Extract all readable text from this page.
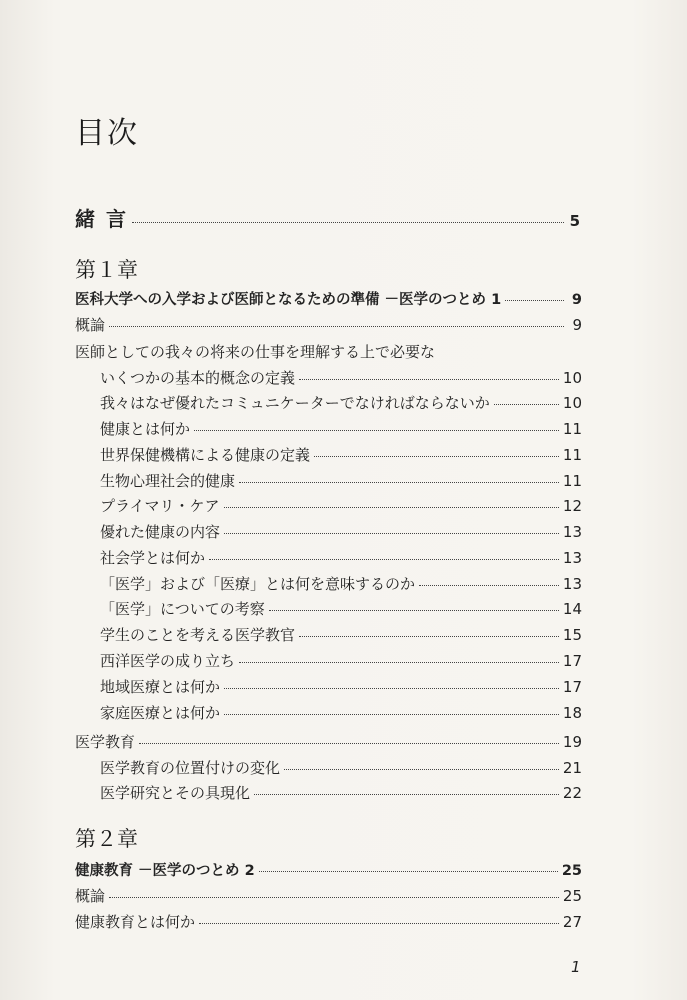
目次
緒 言	5
第１章
医科大学への入学および医師となるための準備 －医学のつとめ 1	9
概論	9
医師としての我々の将来の仕事を理解する上で必要な
いくつかの基本的概念の定義	10
我々はなぜ優れたコミュニケーターでなければならないか	10
健康とは何か	11
世界保健機構による健康の定義	11
生物心理社会的健康	11
プライマリ・ケア	12
優れた健康の内容	13
社会学とは何か	13
「医学」および「医療」とは何を意味するのか	13
「医学」についての考察	14
学生のことを考える医学教官	15
西洋医学の成り立ち	17
地域医療とは何か	17
家庭医療とは何か	18
医学教育	19
医学教育の位置付けの変化	21
医学研究とその具現化	22
第２章
健康教育 －医学のつとめ 2	25
概論	25
健康教育とは何か	27
1
